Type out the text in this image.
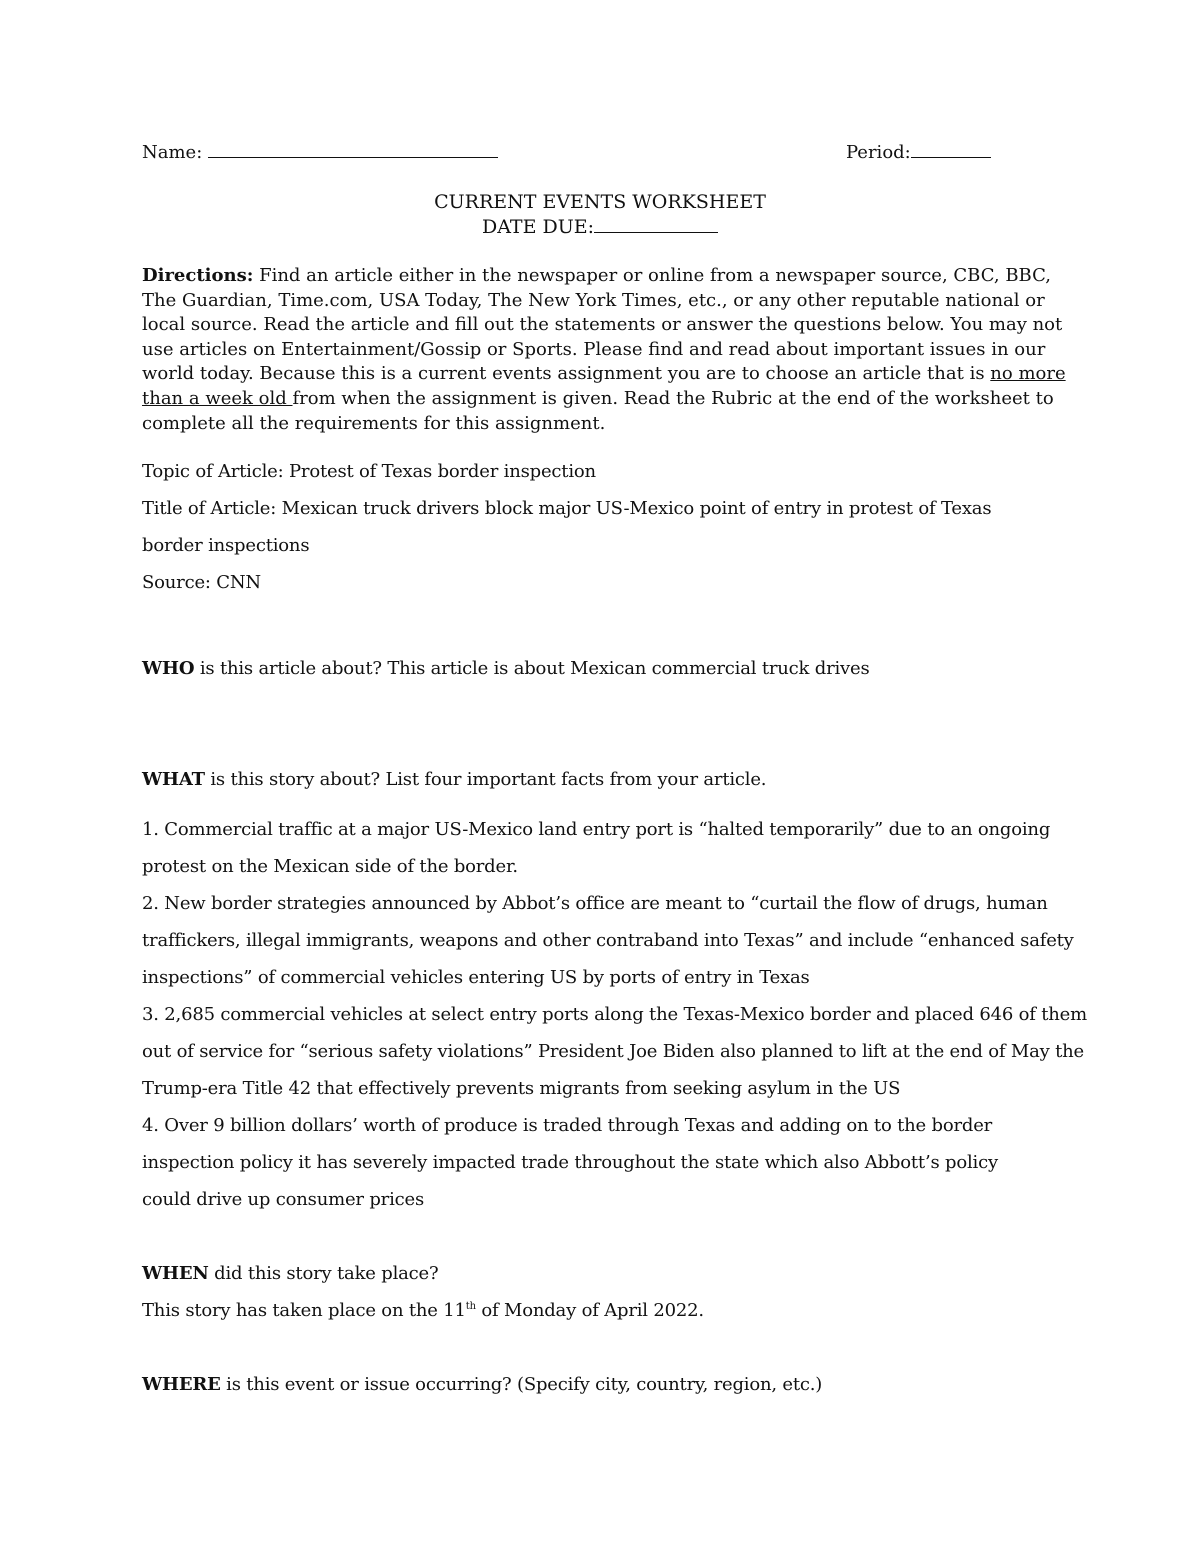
Name:	Period:
CURRENT EVENTS WORKSHEET
DATE DUE:
Directions: Find an article either in the newspaper or online from a newspaper source, CBC, BBC, The Guardian, Time.com, USA Today, The New York Times, etc., or any other reputable national or local source. Read the article and fill out the statements or answer the questions below. You may not use articles on Entertainment/Gossip or Sports. Please find and read about important issues in our world today. Because this is a current events assignment you are to choose an article that is no more than a week old from when the assignment is given. Read the Rubric at the end of the worksheet to complete all the requirements for this assignment.
Topic of Article: Protest of Texas border inspection
Title of Article: Mexican truck drivers block major US-Mexico point of entry in protest of Texas
border inspections
Source: CNN
WHO is this article about? This article is about Mexican commercial truck drives
WHAT is this story about? List four important facts from your article.
1. Commercial traffic at a major US-Mexico land entry port is “halted temporarily” due to an ongoing
protest on the Mexican side of the border.
2. New border strategies announced by Abbot’s office are meant to “curtail the flow of drugs, human
traffickers, illegal immigrants, weapons and other contraband into Texas” and include “enhanced safety
inspections” of commercial vehicles entering US by ports of entry in Texas
3. 2,685 commercial vehicles at select entry ports along the Texas-Mexico border and placed 646 of them
out of service for “serious safety violations” President Joe Biden also planned to lift at the end of May the
Trump-era Title 42 that effectively prevents migrants from seeking asylum in the US
4. Over 9 billion dollars’ worth of produce is traded through Texas and adding on to the border
inspection policy it has severely impacted trade throughout the state which also Abbott’s policy
could drive up consumer prices
WHEN did this story take place?
This story has taken place on the 11th of Monday of April 2022.
WHERE is this event or issue occurring? (Specify city, country, region, etc.)
